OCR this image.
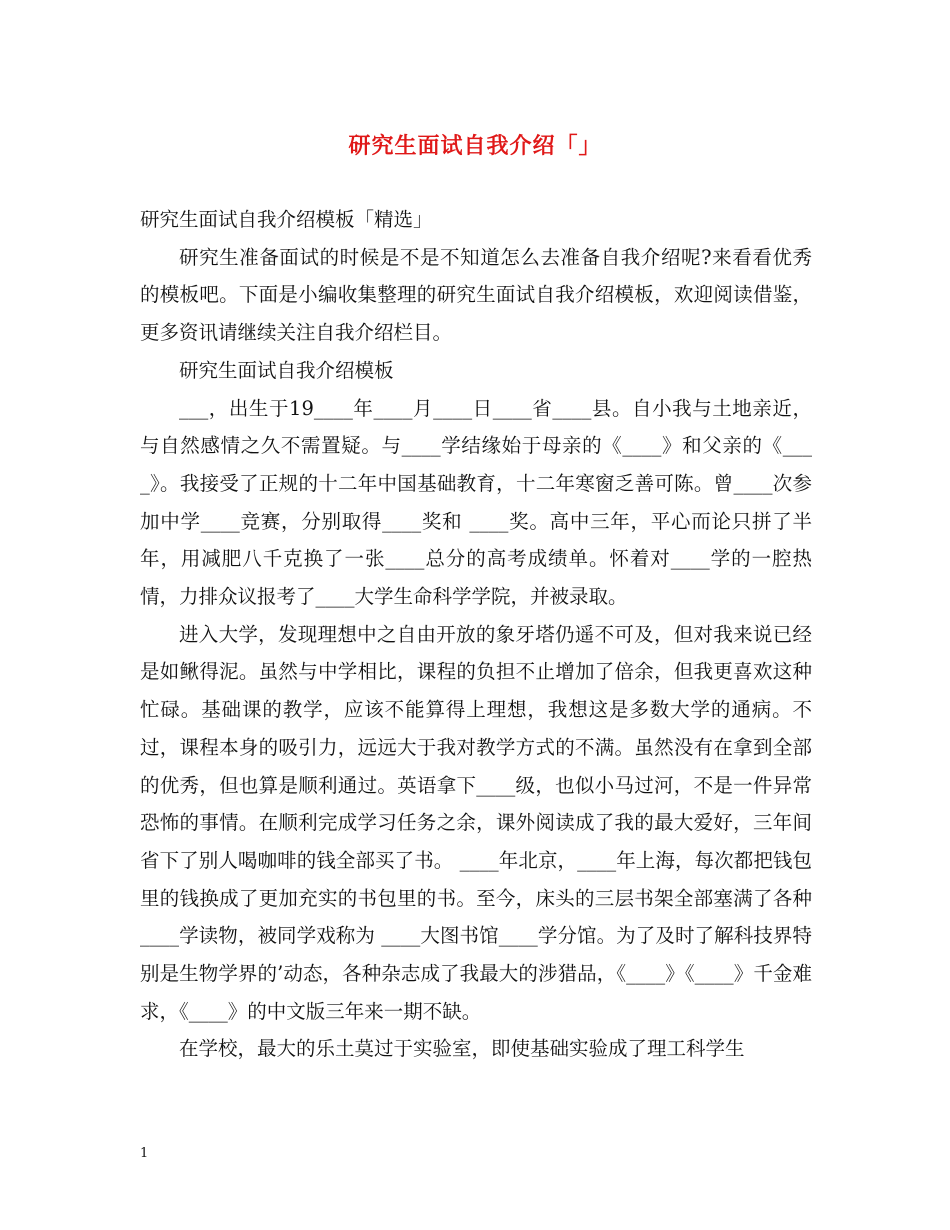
研究生面试自我介绍「」

研究生面试自我介绍模板「精选」

研究生准备面试的时候是不是不知道怎么去准备自我介绍呢?来看看优秀的模板吧。下面是小编收集整理的研究生面试自我介绍模板，欢迎阅读借鉴，更多资讯请继续关注自我介绍栏目。

研究生面试自我介绍模板

___，出生于19____年____月____日____省____县。自小我与土地亲近，与自然感情之久不需置疑。与____学结缘始于母亲的《____》和父亲的《____》。我接受了正规的十二年中国基础教育，十二年寒窗乏善可陈。曾____次参加中学____竞赛，分别取得____奖和 ____奖。高中三年，平心而论只拼了半年，用减肥八千克换了一张____总分的高考成绩单。怀着对____学的一腔热情，力排众议报考了____大学生命科学学院，并被录取。

进入大学，发现理想中之自由开放的象牙塔仍遥不可及，但对我来说已经是如鳅得泥。虽然与中学相比，课程的负担不止增加了倍余，但我更喜欢这种忙碌。基础课的教学，应该不能算得上理想，我想这是多数大学的通病。不过，课程本身的吸引力，远远大于我对教学方式的不满。虽然没有在拿到全部的优秀，但也算是顺利通过。英语拿下____级，也似小马过河，不是一件异常恐怖的事情。在顺利完成学习任务之余，课外阅读成了我的最大爱好，三年间省下了别人喝咖啡的钱全部买了书。 ____年北京，____年上海，每次都把钱包里的钱换成了更加充实的书包里的书。至今，床头的三层书架全部塞满了各种____学读物，被同学戏称为 ____大图书馆____学分馆。为了及时了解科技界特别是生物学界的’动态，各种杂志成了我最大的涉猎品，《____》《____》千金难求，《____》的中文版三年来一期不缺。

在学校，最大的乐土莫过于实验室，即使基础实验成了理工科学生

1
